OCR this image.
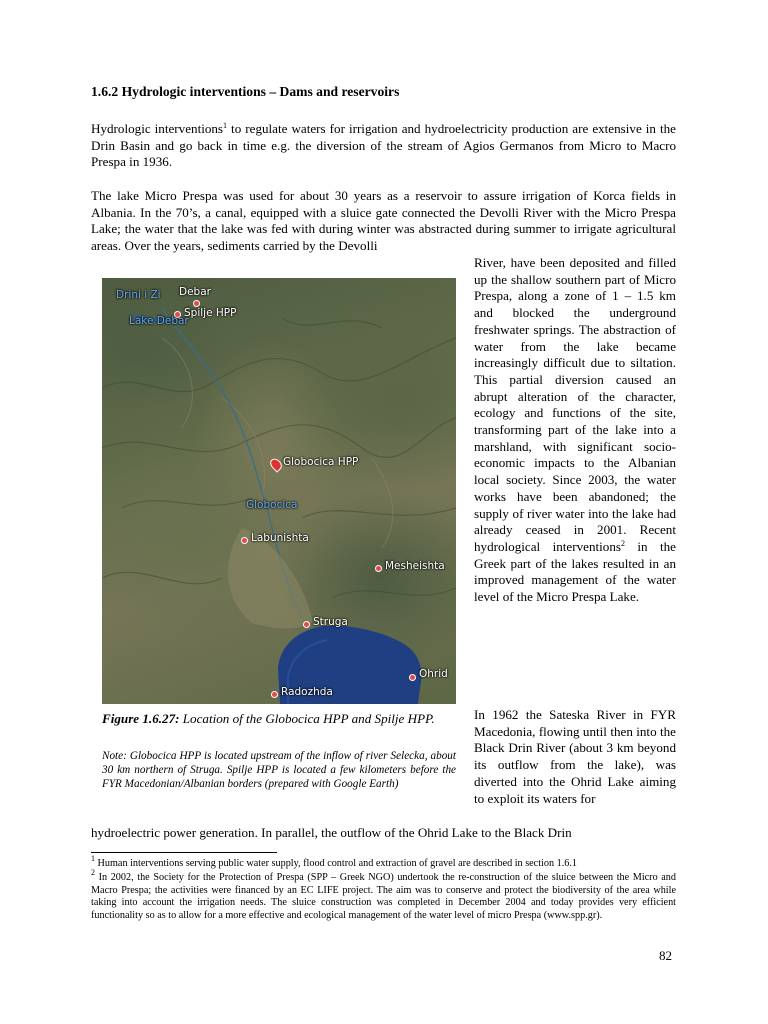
1.6.2 Hydrologic interventions – Dams and reservoirs

Hydrologic interventions$^1$ to regulate waters for irrigation and hydroelectricity production are extensive in the Drin Basin and go back in time e.g. the diversion of the stream of Agios Germanos from Micro to Macro Prespa in 1936.

The lake Micro Prespa was used for about 30 years as a reservoir to assure irrigation of Korca fields in Albania. In the 70’s, a canal, equipped with a sluice gate connected the Devolli River with the Micro Prespa Lake; the water that the lake was fed with during winter was abstracted during summer to irrigate agricultural areas. Over the years, sediments carried by the Devolli

River, have been deposited and filled up the shallow southern part of Micro Prespa, along a zone of 1 – 1.5 km and blocked the underground freshwater springs. The abstraction of water from the lake became increasingly difficult due to siltation. This partial diversion caused an abrupt alteration of the character, ecology and functions of the site, transforming part of the lake into a marshland, with significant socio-economic impacts to the Albanian local society. Since 2003, the water works have been abandoned; the supply of river water into the lake had already ceased in 2001. Recent hydrological interventions$^2$ in the Greek part of the lakes resulted in an improved management of the water level of the Micro Prespa Lake.

Drini i Zi Debar
Spilje HPP
Lake Debar
Globocica HPP
Globocica
Labunishta
Mesheishta
Struga
Ohrid
Radozhda

Figure 1.6.27: Location of the Globocica HPP and Spilje HPP.

Note: Globocica HPP is located upstream of the inflow of river Selecka, about 30 km northern of Struga. Spilje HPP is located a few kilometers before the FYR Macedonian/Albanian borders (prepared with Google Earth)

In 1962 the Sateska River in FYR Macedonia, flowing until then into the Black Drin River (about 3 km beyond its outflow from the lake), was diverted into the Ohrid Lake aiming to exploit its waters for

hydroelectric power generation. In parallel, the outflow of the Ohrid Lake to the Black Drin

$^1$ Human interventions serving public water supply, flood control and extraction of gravel are described in section 1.6.1

$^2$ In 2002, the Society for the Protection of Prespa (SPP – Greek NGO) undertook the re-construction of the sluice between the Micro and Macro Prespa; the activities were financed by an EC LIFE project. The aim was to conserve and protect the biodiversity of the area while taking into account the irrigation needs. The sluice construction was completed in December 2004 and today provides very efficient functionality so as to allow for a more effective and ecological management of the water level of micro Prespa (www.spp.gr).

82
